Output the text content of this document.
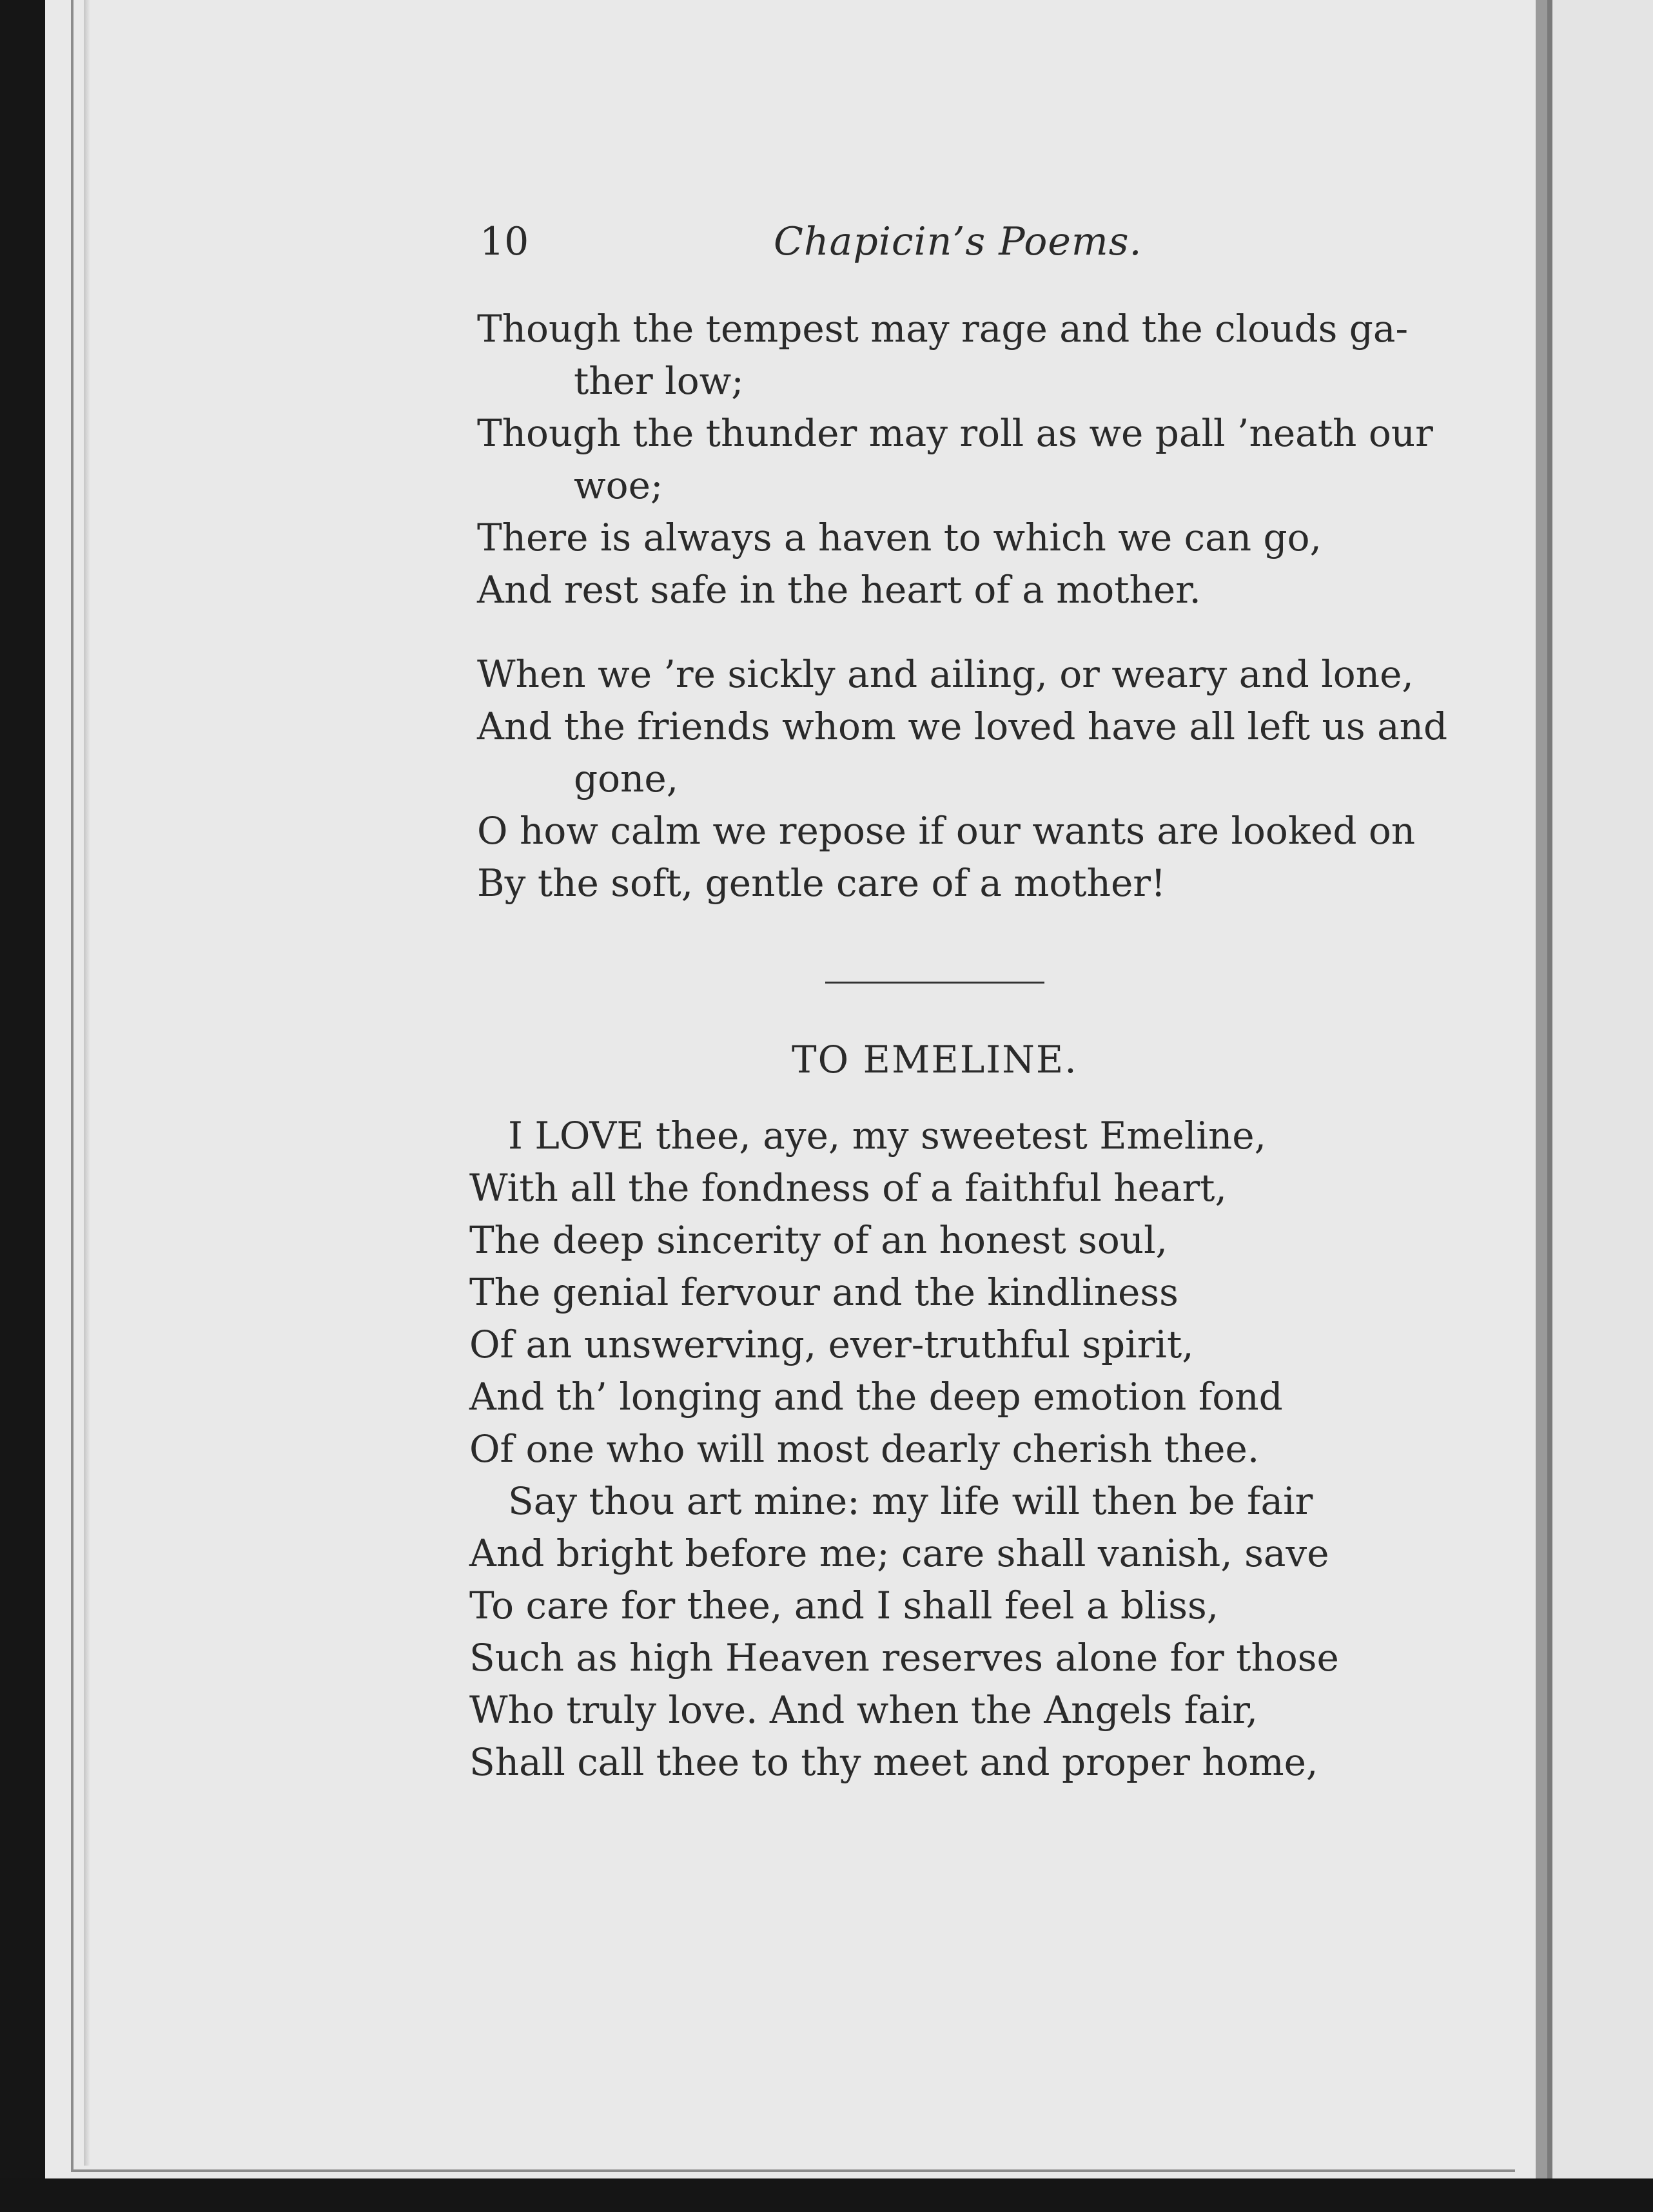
10	Chapicin’s Poems.
Though the tempest may rage and the clouds ga-
ther low;
Though the thunder may roll as we pall ’neath our
woe;
There is always a haven to which we can go,
And rest safe in the heart of a mother.
When we ’re sickly and ailing, or weary and lone,
And the friends whom we loved have all left us and
gone,
O how calm we repose if our wants are looked on
By the soft, gentle care of a mother!
TO EMELINE.
I LOVE thee, aye, my sweetest Emeline,
With all the fondness of a faithful heart,
The deep sincerity of an honest soul,
The genial fervour and the kindliness
Of an unswerving, ever-truthful spirit,
And th’ longing and the deep emotion fond
Of one who will most dearly cherish thee.
Say thou art mine: my life will then be fair
And bright before me; care shall vanish, save
To care for thee, and I shall feel a bliss,
Such as high Heaven reserves alone for those
Who truly love. And when the Angels fair,
Shall call thee to thy meet and proper home,
